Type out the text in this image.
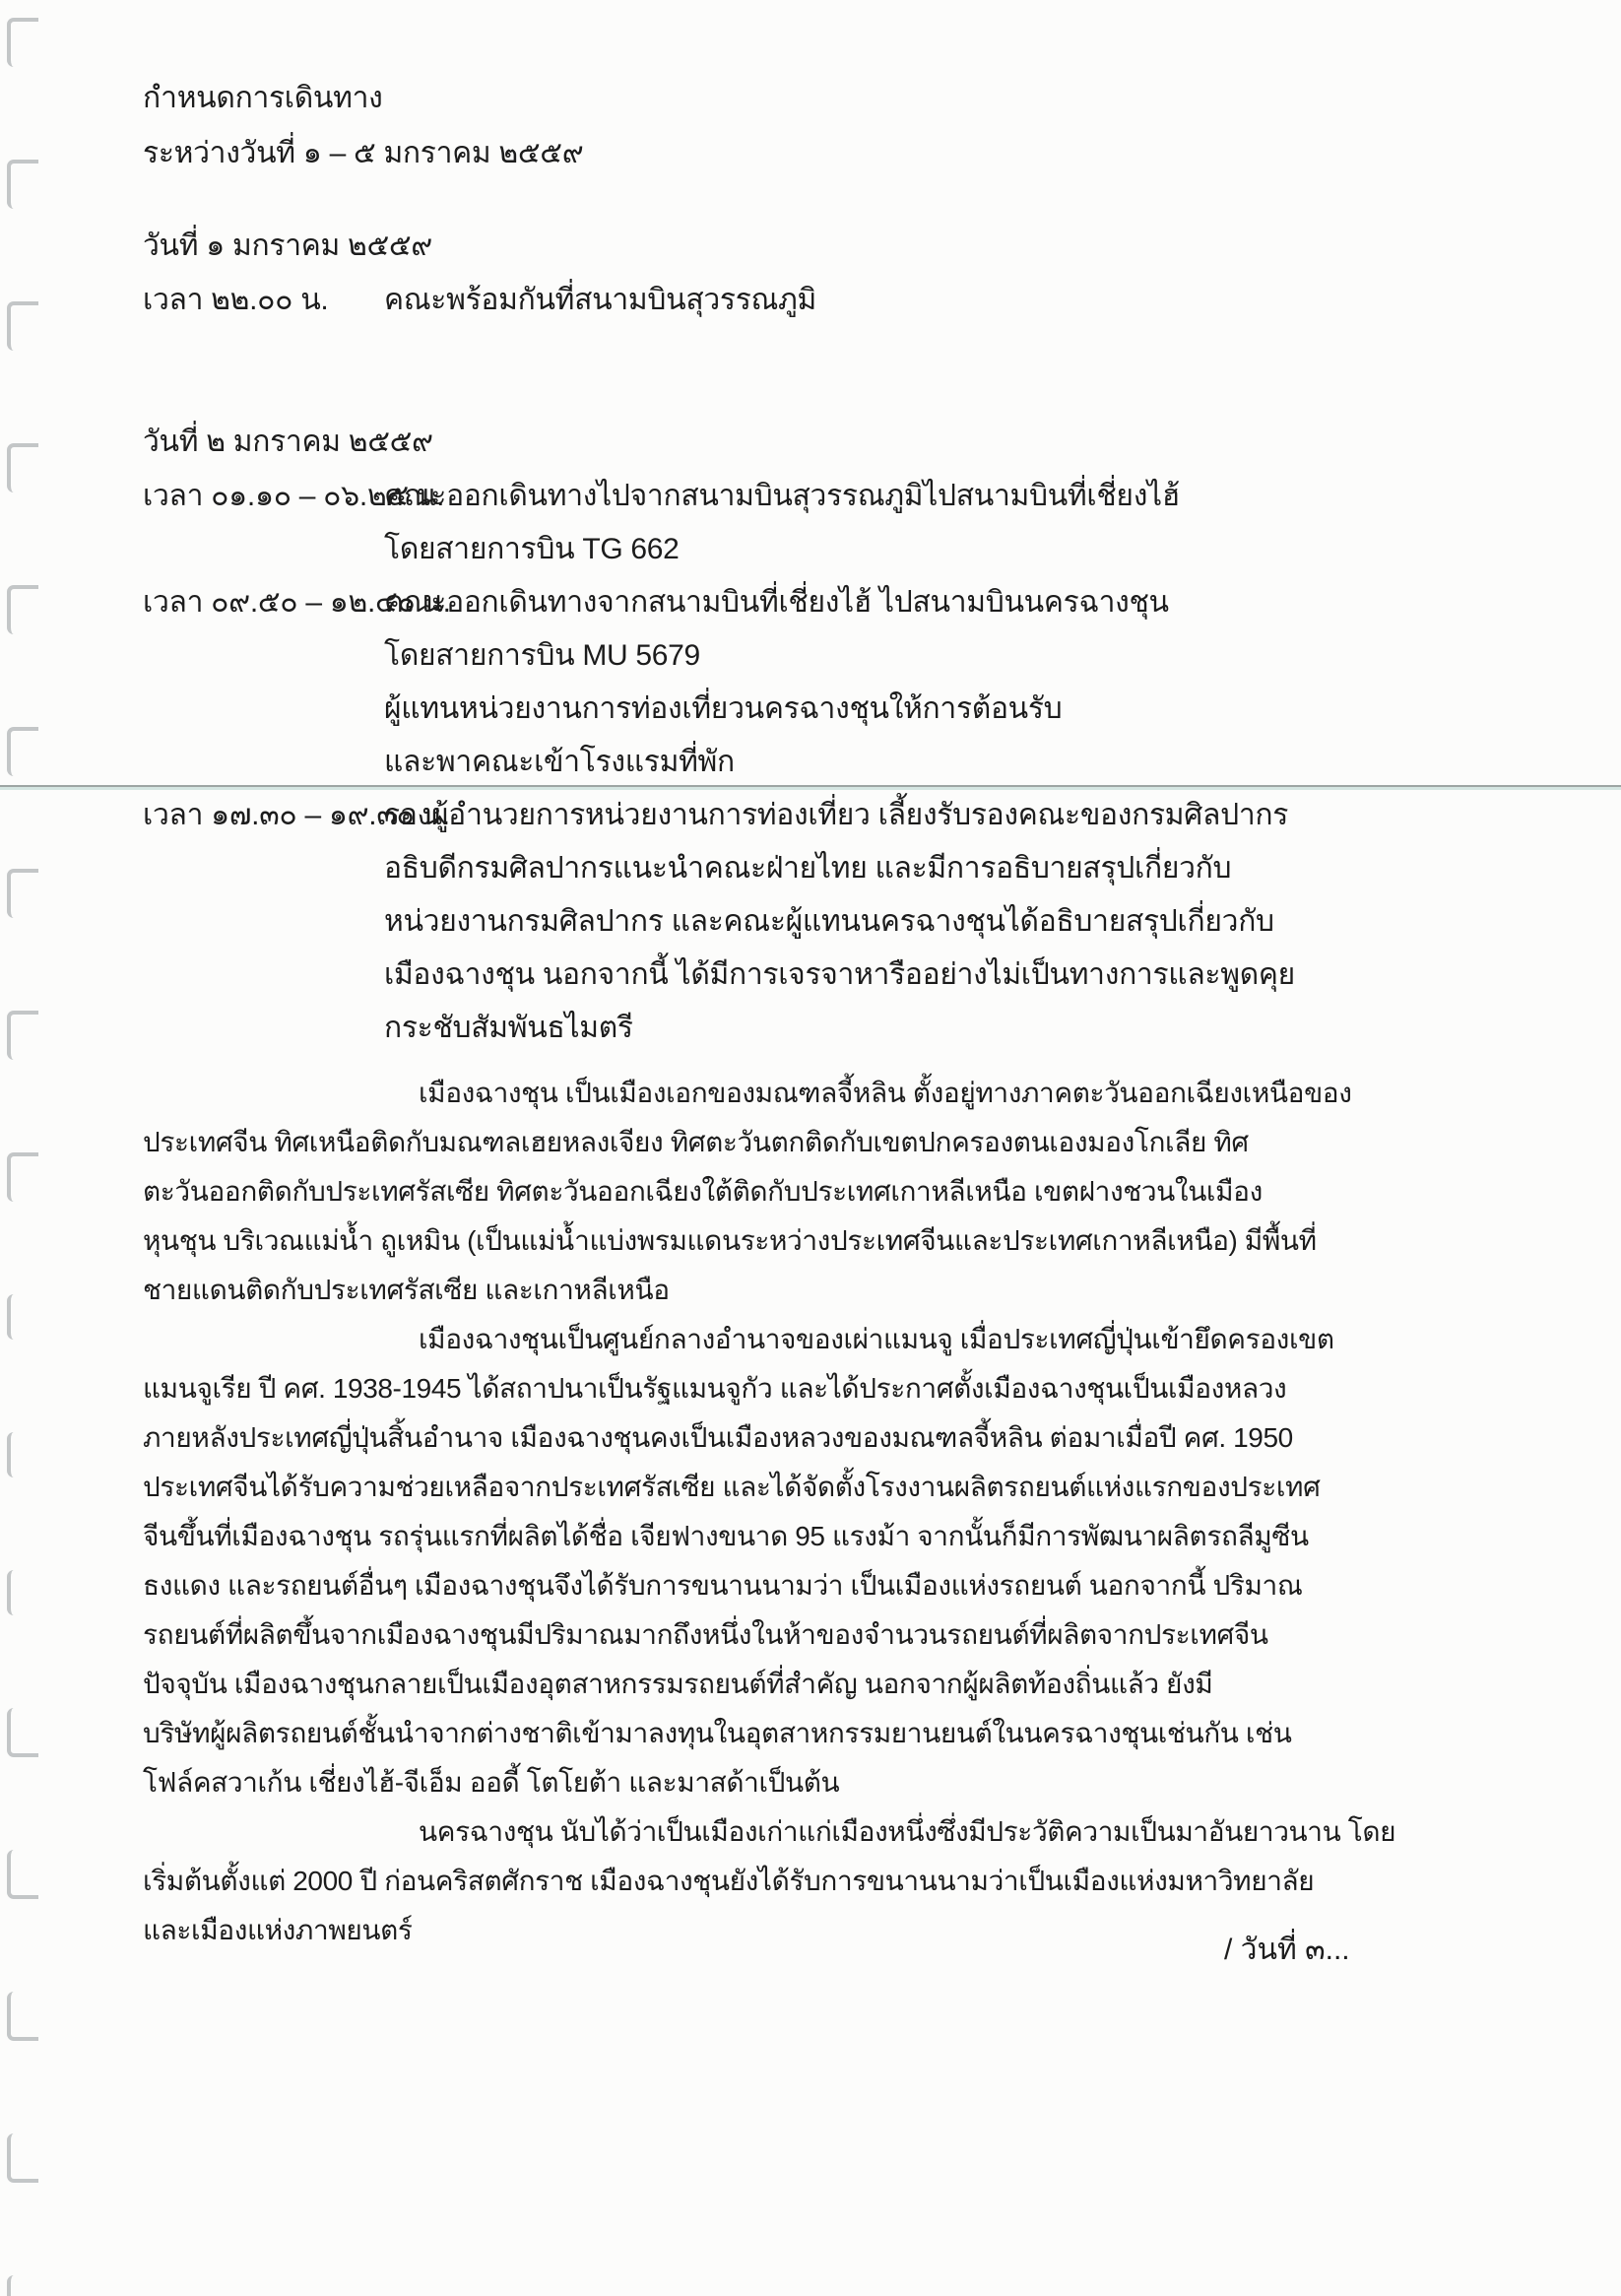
กำหนดการเดินทาง
ระหว่างวันที่ ๑ – ๕ มกราคม ๒๕๕๙
วันที่ ๑ มกราคม ๒๕๕๙
เวลา ๒๒.๐๐ น.	คณะพร้อมกันที่สนามบินสุวรรณภูมิ
วันที่ ๒ มกราคม ๒๕๕๙
เวลา ๐๑.๑๐ – ๐๖.๒๕ น.
คณะออกเดินทางไปจากสนามบินสุวรรณภูมิไปสนามบินที่เชี่ยงไฮ้
โดยสายการบิน TG 662
เวลา ๐๙.๕๐ – ๑๒.๔๐ น.
คณะออกเดินทางจากสนามบินที่เชี่ยงไฮ้ ไปสนามบินนครฉางชุน
โดยสายการบิน MU 5679
ผู้แทนหน่วยงานการท่องเที่ยวนครฉางชุนให้การต้อนรับ
และพาคณะเข้าโรงแรมที่พัก
เวลา ๑๗.๓๐ – ๑๙.๓๐ น.
รองผู้อำนวยการหน่วยงานการท่องเที่ยว เลี้ยงรับรองคณะของกรมศิลปากร
อธิบดีกรมศิลปากรแนะนำคณะฝ่ายไทย และมีการอธิบายสรุปเกี่ยวกับ
หน่วยงานกรมศิลปากร และคณะผู้แทนนครฉางชุนได้อธิบายสรุปเกี่ยวกับ
เมืองฉางชุน นอกจากนี้ ได้มีการเจรจาหารืออย่างไม่เป็นทางการและพูดคุย
กระชับสัมพันธไมตรี
เมืองฉางชุน เป็นเมืองเอกของมณฑลจี้หลิน ตั้งอยู่ทางภาคตะวันออกเฉียงเหนือของ
ประเทศจีน ทิศเหนือติดกับมณฑลเฮยหลงเจียง ทิศตะวันตกติดกับเขตปกครองตนเองมองโกเลีย ทิศ
ตะวันออกติดกับประเทศรัสเซีย ทิศตะวันออกเฉียงใต้ติดกับประเทศเกาหลีเหนือ เขตฝางชวนในเมือง
หุนชุน บริเวณแม่น้ำ ถูเหมิน (เป็นแม่น้ำแบ่งพรมแดนระหว่างประเทศจีนและประเทศเกาหลีเหนือ) มีพื้นที่
ชายแดนติดกับประเทศรัสเซีย และเกาหลีเหนือ
เมืองฉางชุนเป็นศูนย์กลางอำนาจของเผ่าแมนจู เมื่อประเทศญี่ปุ่นเข้ายึดครองเขต
แมนจูเรีย ปี คศ. 1938-1945 ได้สถาปนาเป็นรัฐแมนจูกัว และได้ประกาศตั้งเมืองฉางชุนเป็นเมืองหลวง
ภายหลังประเทศญี่ปุ่นสิ้นอำนาจ เมืองฉางชุนคงเป็นเมืองหลวงของมณฑลจี้หลิน ต่อมาเมื่อปี คศ. 1950
ประเทศจีนได้รับความช่วยเหลือจากประเทศรัสเซีย และได้จัดตั้งโรงงานผลิตรถยนต์แห่งแรกของประเทศ
จีนขึ้นที่เมืองฉางชุน รถรุ่นแรกที่ผลิตได้ชื่อ เจียฟางขนาด 95 แรงม้า จากนั้นก็มีการพัฒนาผลิตรถลีมูซีน
ธงแดง และรถยนต์อื่นๆ เมืองฉางชุนจึงได้รับการขนานนามว่า เป็นเมืองแห่งรถยนต์ นอกจากนี้ ปริมาณ
รถยนต์ที่ผลิตขึ้นจากเมืองฉางชุนมีปริมาณมากถึงหนึ่งในห้าของจำนวนรถยนต์ที่ผลิตจากประเทศจีน
ปัจจุบัน เมืองฉางชุนกลายเป็นเมืองอุตสาหกรรมรถยนต์ที่สำคัญ นอกจากผู้ผลิตท้องถิ่นแล้ว ยังมี
บริษัทผู้ผลิตรถยนต์ชั้นนำจากต่างชาติเข้ามาลงทุนในอุตสาหกรรมยานยนต์ในนครฉางชุนเช่นกัน เช่น
โฟล์คสวาเก้น เชี่ยงไฮ้-จีเอ็ม ออดี้ โตโยต้า และมาสด้าเป็นต้น
นครฉางชุน นับได้ว่าเป็นเมืองเก่าแก่เมืองหนึ่งซึ่งมีประวัติความเป็นมาอันยาวนาน โดย
เริ่มต้นตั้งแต่ 2000 ปี ก่อนคริสตศักราช เมืองฉางชุนยังได้รับการขนานนามว่าเป็นเมืองแห่งมหาวิทยาลัย
และเมืองแห่งภาพยนตร์
/ วันที่ ๓...
